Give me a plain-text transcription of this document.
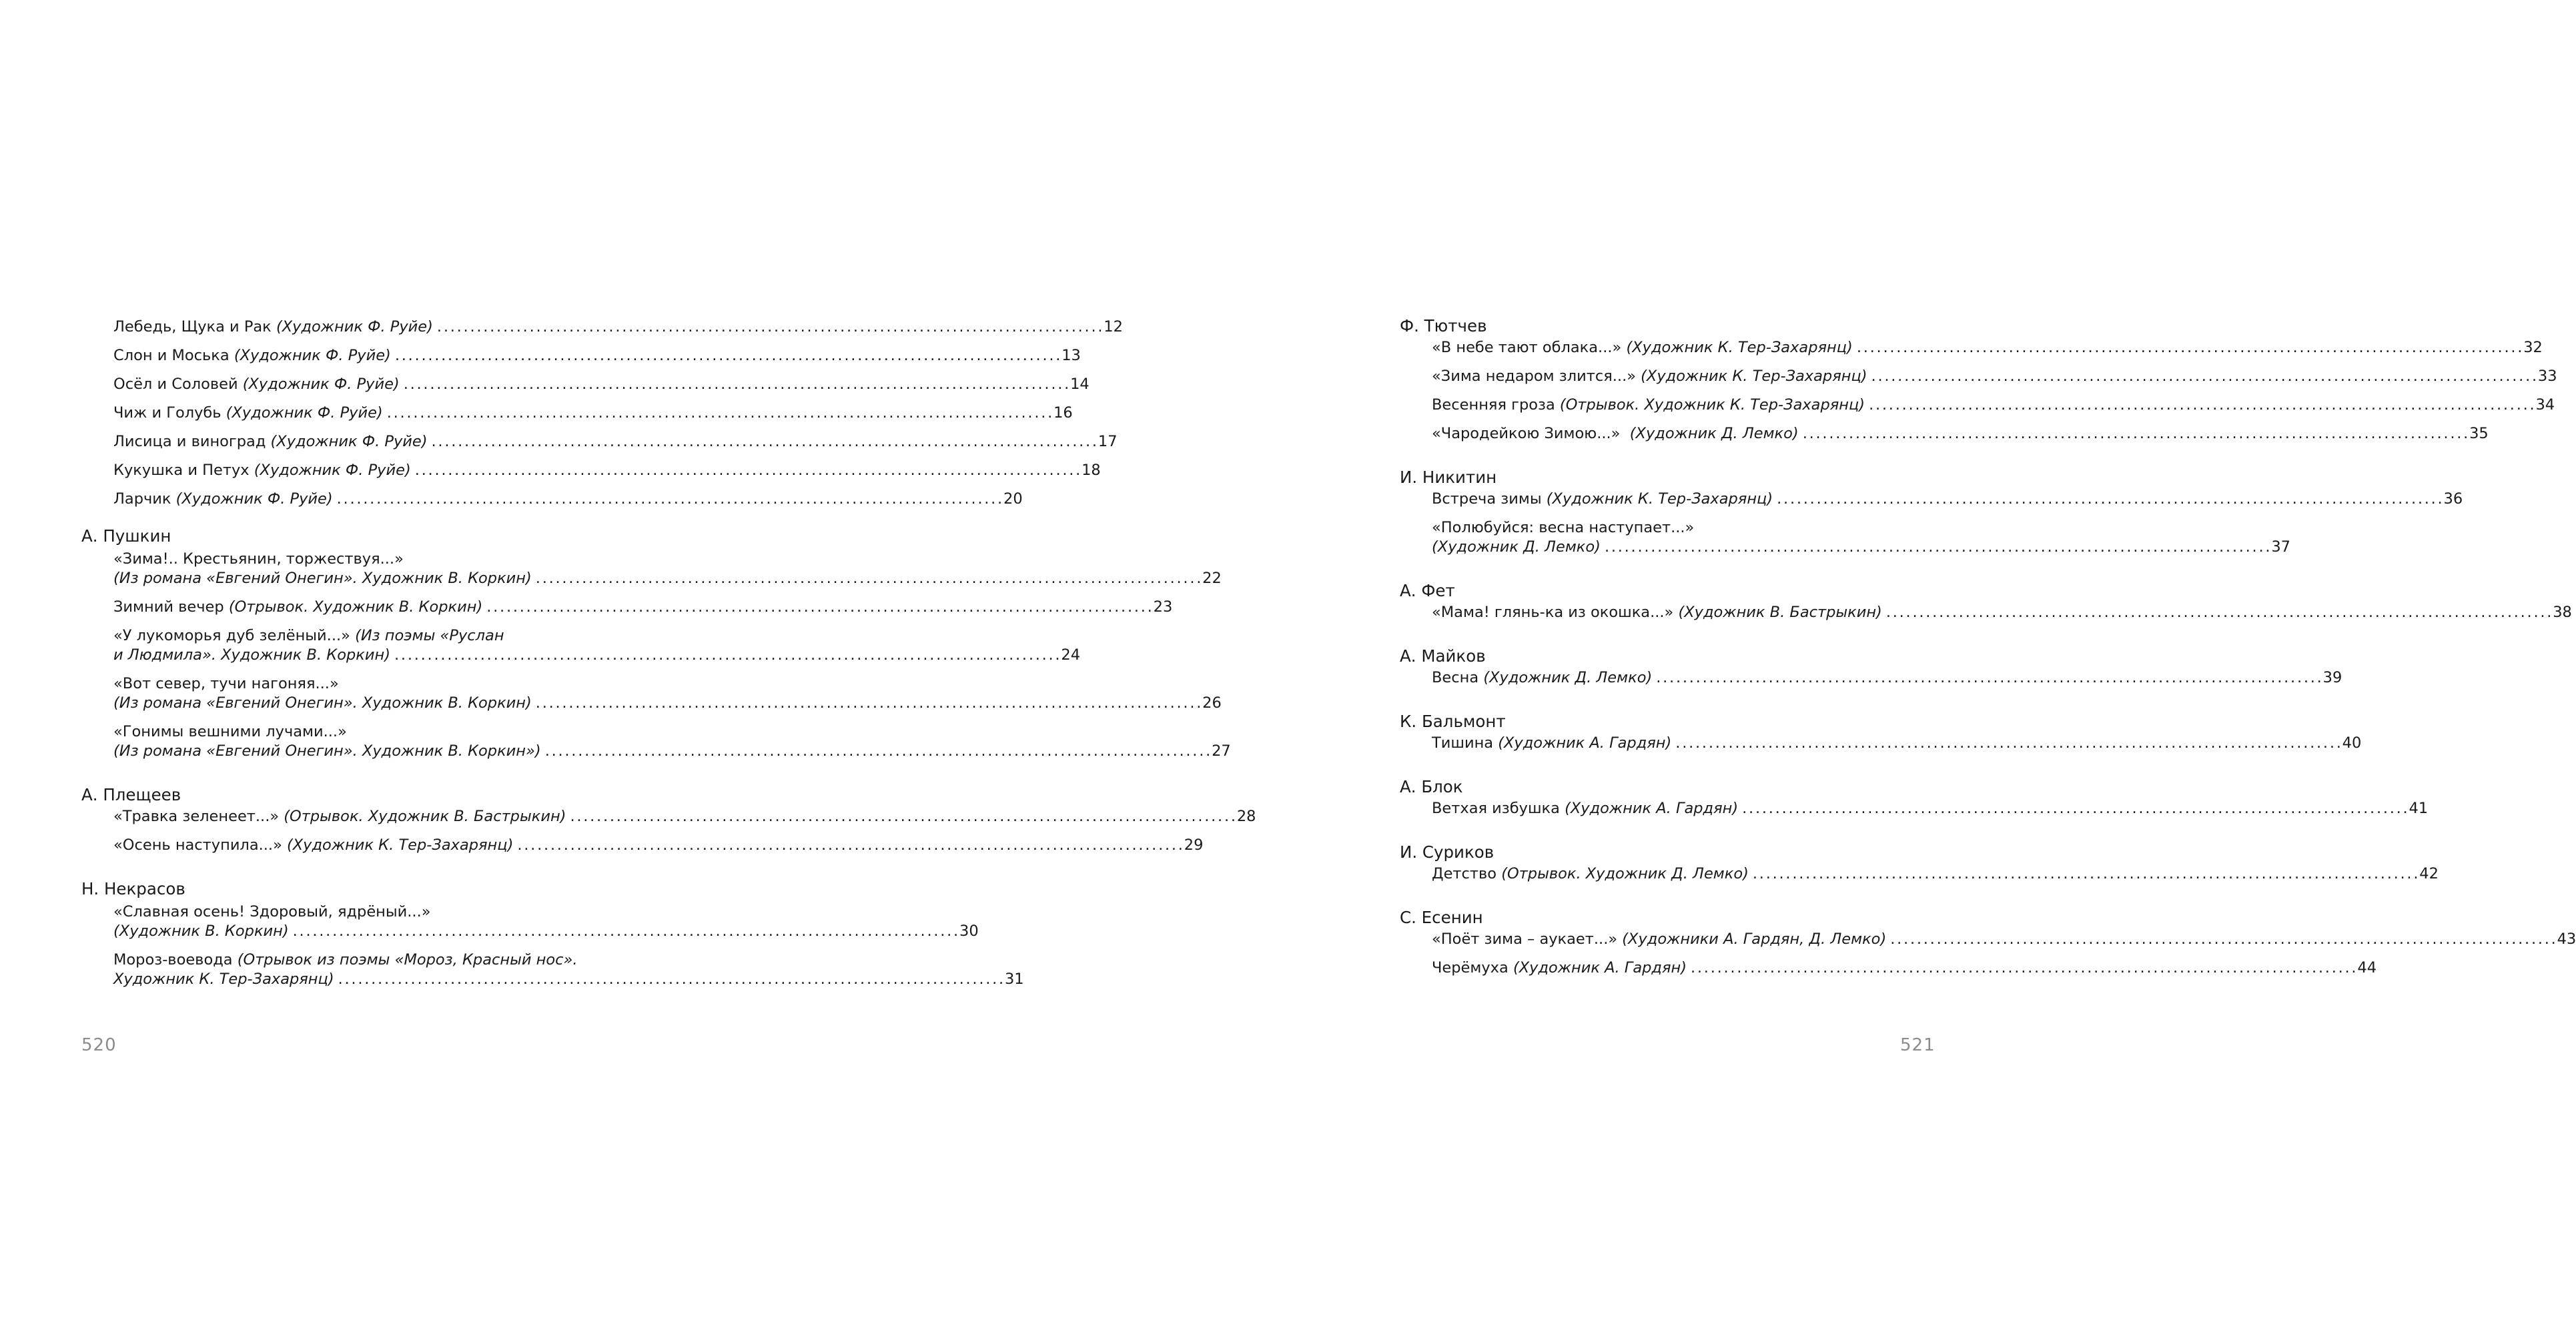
Лебедь, Щука и Рак (Художник Ф. Руйе) . . .	12
Слон и Моська (Художник Ф. Руйе) . . .	13
Осёл и Соловей (Художник Ф. Руйе) . . .	14
Чиж и Голубь (Художник Ф. Руйе) . . .	16
Лисица и виноград (Художник Ф. Руйе) . . .	17
Кукушка и Петух (Художник Ф. Руйе) . . .	18
Ларчик (Художник Ф. Руйе) . . .	20
А. Пушкин
«Зима!.. Крестьянин, торжествуя...»
(Из романа «Евгений Онегин». Художник В. Коркин) . . .	22
Зимний вечер (Отрывок. Художник В. Коркин) . . .	23
«У лукоморья дуб зелёный...» (Из поэмы «Руслан
и Людмила». Художник В. Коркин) . . .	24
«Вот север, тучи нагоняя...»
(Из романа «Евгений Онегин». Художник В. Коркин) . . .	26
«Гонимы вешними лучами...»
(Из романа «Евгений Онегин». Художник В. Коркин») . . .	27
А. Плещеев
«Травка зеленеет...» (Отрывок. Художник В. Бастрыкин) . . .	28
«Осень наступила...» (Художник К. Тер-Захарянц) . . .	29
Н. Некрасов
«Славная осень! Здоровый, ядрёный...»
(Художник В. Коркин) . . .	30
Мороз-воевода (Отрывок из поэмы «Мороз, Красный нос».
Художник К. Тер-Захарянц) . . .	31
520
Ф. Тютчев
«В небе тают облака...» (Художник К. Тер-Захарянц) . . .	32
«Зима недаром злится...» (Художник К. Тер-Захарянц) . . .	33
Весенняя гроза (Отрывок. Художник К. Тер-Захарянц) . . .	34
«Чародейкою Зимою...»  (Художник Д. Лемко) . . .	35
И. Никитин
Встреча зимы (Художник К. Тер-Захарянц) . . .	36
«Полюбуйся: весна наступает...»
(Художник Д. Лемко) . . .	37
А. Фет
«Мама! глянь-ка из окошка...» (Художник В. Бастрыкин) . . .	38
А. Майков
Весна (Художник Д. Лемко) . . .	39
К. Бальмонт
Тишина (Художник А. Гардян) . . .	40
А. Блок
Ветхая избушка (Художник А. Гардян) . . .	41
И. Суриков
Детство (Отрывок. Художник Д. Лемко) . . .	42
С. Есенин
«Поёт зима – аукает...» (Художники А. Гардян, Д. Лемко) . . .	43
Черёмуха (Художник А. Гардян) . . .	44
521
